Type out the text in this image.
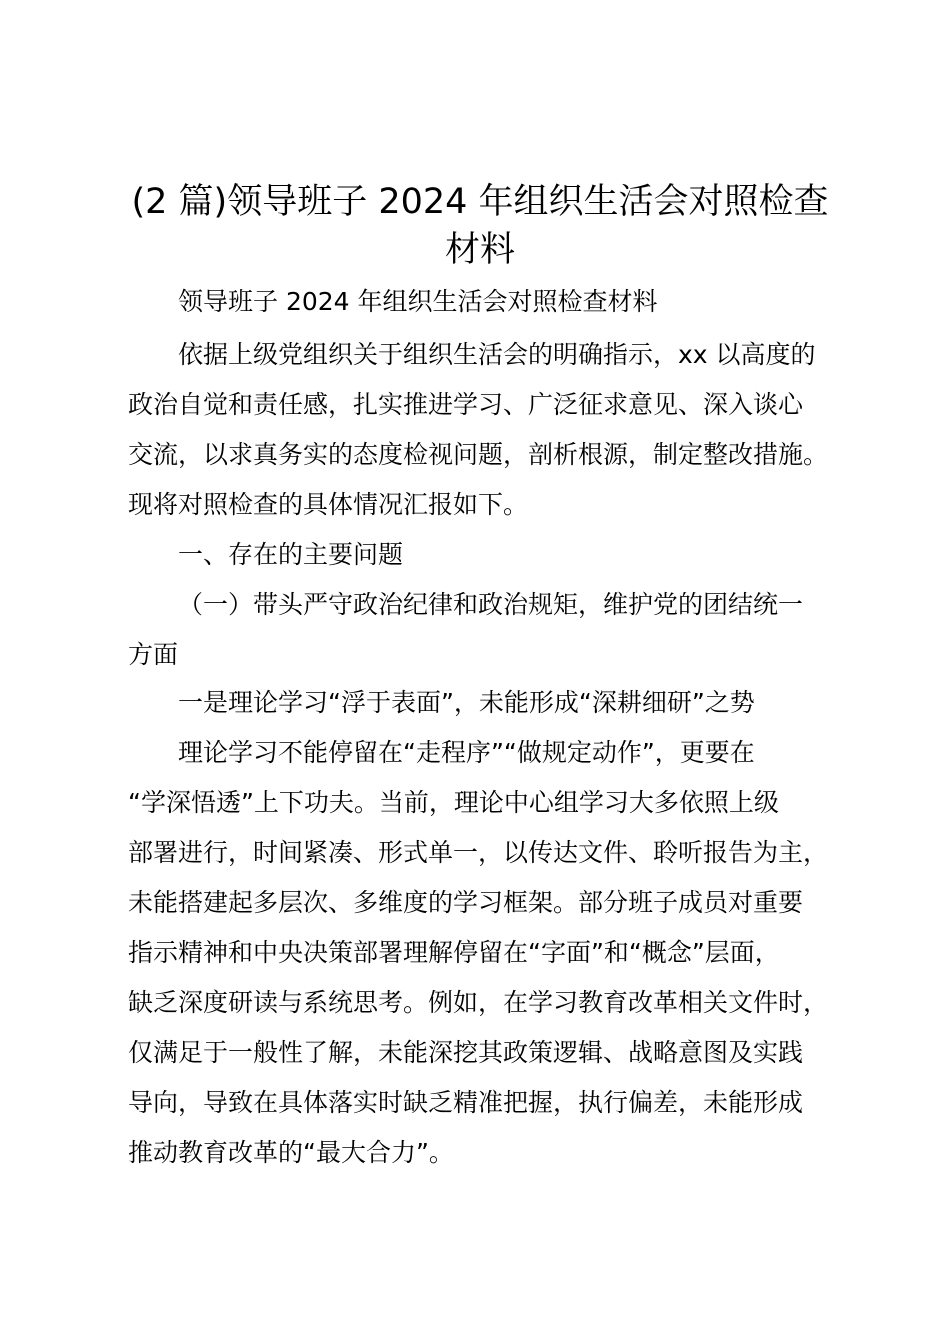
(2 篇)领导班子 2024 年组织生活会对照检查
材料
领导班子 2024 年组织生活会对照检查材料
依据上级党组织关于组织生活会的明确指示，xx 以高度的
政治自觉和责任感，扎实推进学习、广泛征求意见、深入谈心
交流，以求真务实的态度检视问题，剖析根源，制定整改措施。
现将对照检查的具体情况汇报如下。
一、存在的主要问题
（一）带头严守政治纪律和政治规矩，维护党的团结统一
方面
一是理论学习“浮于表面”，未能形成“深耕细研”之势
理论学习不能停留在“走程序”“做规定动作”，更要在
“学深悟透”上下功夫。当前，理论中心组学习大多依照上级
部署进行，时间紧凑、形式单一，以传达文件、聆听报告为主，
未能搭建起多层次、多维度的学习框架。部分班子成员对重要
指示精神和中央决策部署理解停留在“字面”和“概念”层面，
缺乏深度研读与系统思考。例如，在学习教育改革相关文件时，
仅满足于一般性了解，未能深挖其政策逻辑、战略意图及实践
导向，导致在具体落实时缺乏精准把握，执行偏差，未能形成
推动教育改革的“最大合力”。
